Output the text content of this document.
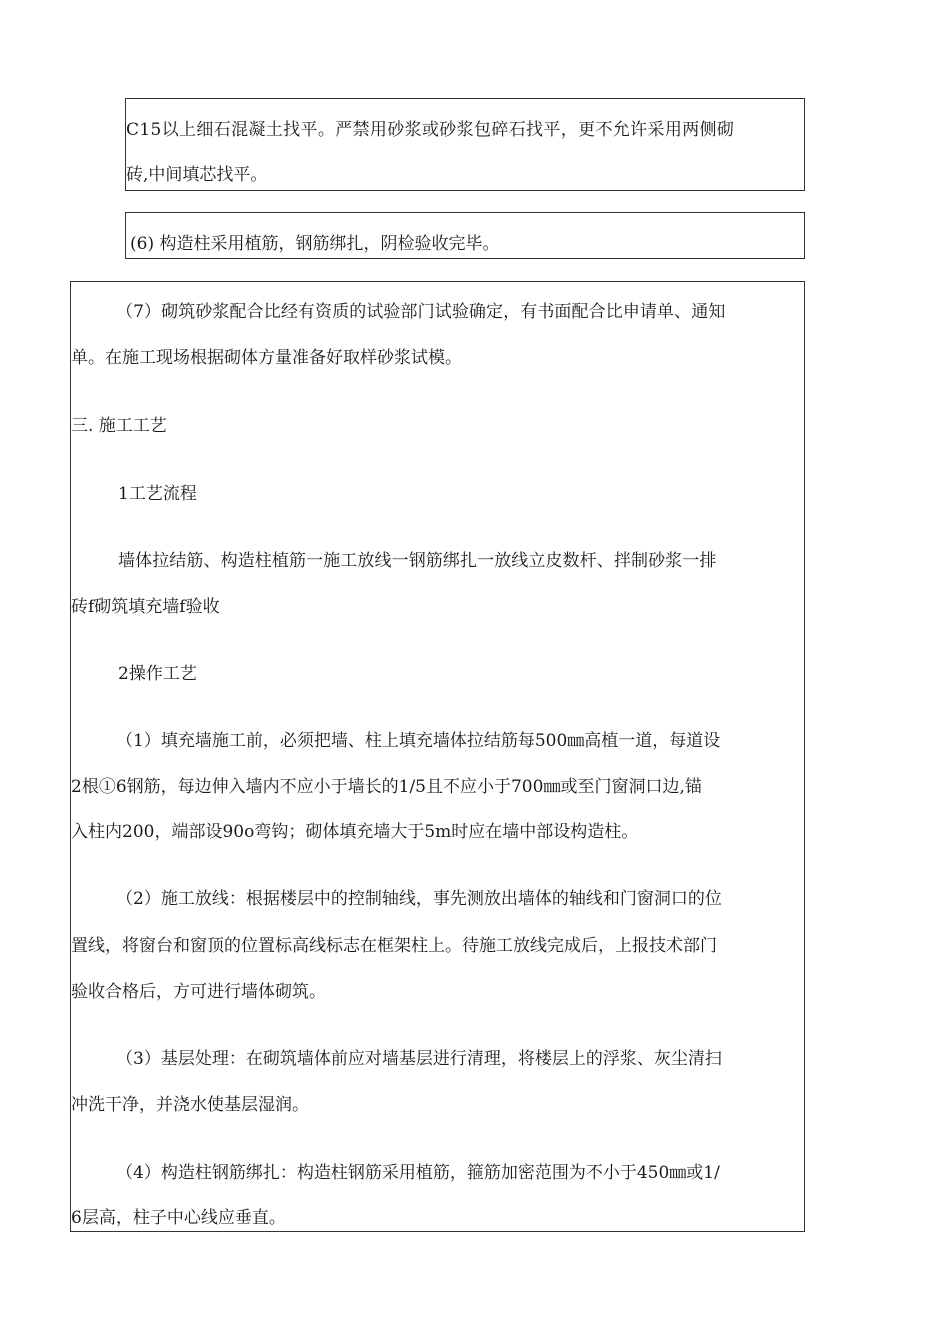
C15以上细石混凝土找平。严禁用砂浆或砂浆包碎石找平，更不允许采用两侧砌
砖,中间填芯找平。
(6) 构造柱采用植筋，钢筋绑扎，阴检验收完毕。
（7）砌筑砂浆配合比经有资质的试验部门试验确定，有书面配合比申请单、通知
单。在施工现场根据砌体方量准备好取样砂浆试模。
三. 施工工艺
1工艺流程
墙体拉结筋、构造柱植筋一施工放线一钢筋绑扎一放线立皮数杆、拌制砂浆一排
砖f砌筑填充墙f验收
2操作工艺
（1）填充墙施工前，必须把墙、柱上填充墙体拉结筋每500㎜高植一道，每道设
2根①6钢筋，每边伸入墙内不应小于墙长的1/5且不应小于700㎜或至门窗洞口边,锚
入柱内200，端部设90o弯钩；砌体填充墙大于5m时应在墙中部设构造柱。
（2）施工放线：根据楼层中的控制轴线，事先测放出墙体的轴线和门窗洞口的位
置线，将窗台和窗顶的位置标高线标志在框架柱上。待施工放线完成后，上报技术部门
验收合格后，方可进行墙体砌筑。
（3）基层处理：在砌筑墙体前应对墙基层进行清理，将楼层上的浮浆、灰尘清扫
冲洗干净，并浇水使基层湿润。
（4）构造柱钢筋绑扎：构造柱钢筋采用植筋，箍筋加密范围为不小于450㎜或1/
6层高，柱子中心线应垂直。
